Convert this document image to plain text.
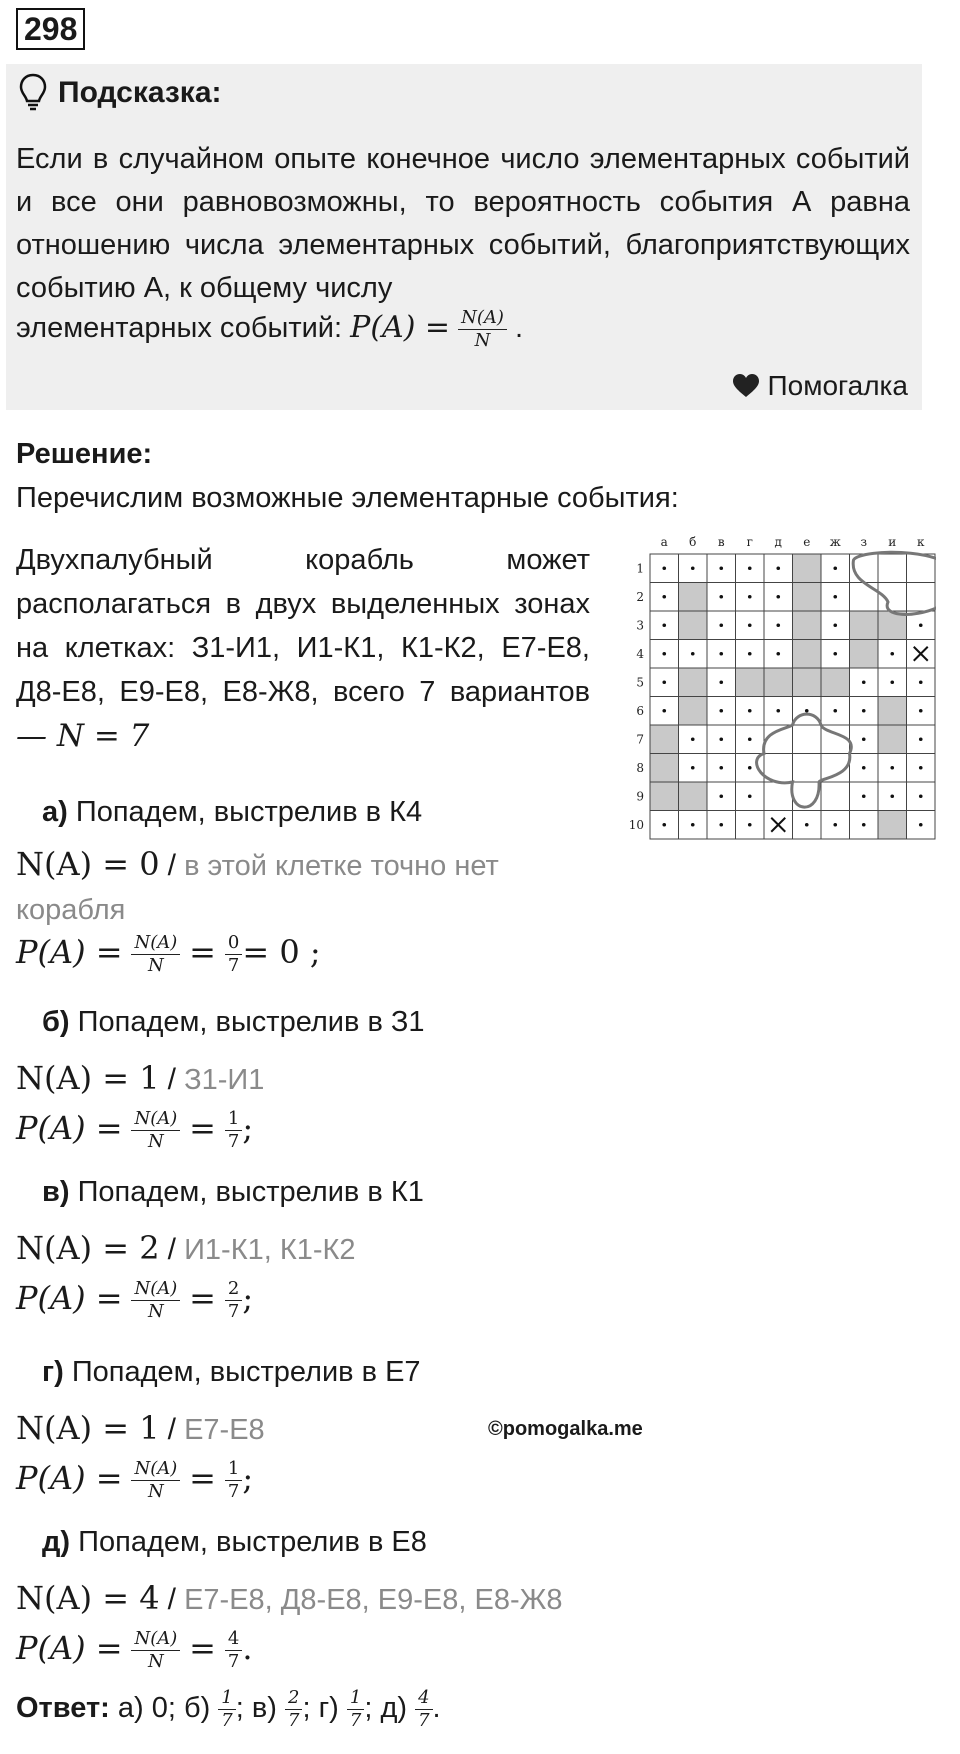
298
Подсказка:
Если в случайном опыте конечное число элементарных событий и все они равновозможны, то вероятность события А равна отношению числа элементарных событий, благоприятствующих событию А, к общему числу
элементарных событий: $P(A) = \frac{N(A)}{N}$ .
Помогалка
Решение:
Перечислим возможные элементарные события:
Двухпалубный корабль может располагаться в двух выделенных зонах на клетках: З1-И1, И1-К1, К1-К2, Е7-Е8, Д8-Е8, Е9-Е8, Е8-Ж8, всего 7 вариантов — N = 7
а б в г д е ж з и к
1
2
3
4
5
6
7
8
9
10
а) Попадем, выстрелив в К4
N(A) = 0 / в этой клетке точно нет корабля
$P(A) = \frac{N(A)}{N} = \frac{0}{7} = 0$ ;
б) Попадем, выстрелив в З1
N(A) = 1 / З1-И1
$P(A) = \frac{N(A)}{N} = \frac{1}{7}$ ;
в) Попадем, выстрелив в К1
N(A) = 2 / И1-К1, К1-К2
$P(A) = \frac{N(A)}{N} = \frac{2}{7}$ ;
г) Попадем, выстрелив в Е7
N(A) = 1 / Е7-Е8
$P(A) = \frac{N(A)}{N} = \frac{1}{7}$ ;
д) Попадем, выстрелив в Е8
N(A) = 4 / Е7-Е8, Д8-Е8, Е9-Е8, Е8-Ж8
$P(A) = \frac{N(A)}{N} = \frac{4}{7}$ .
Ответ: а) 0; $б) \frac{1}{7}$ ; $в) \frac{2}{7}$ ; $г) \frac{1}{7}$ ; $д) \frac{4}{7}$ .
©pomogalka.me
